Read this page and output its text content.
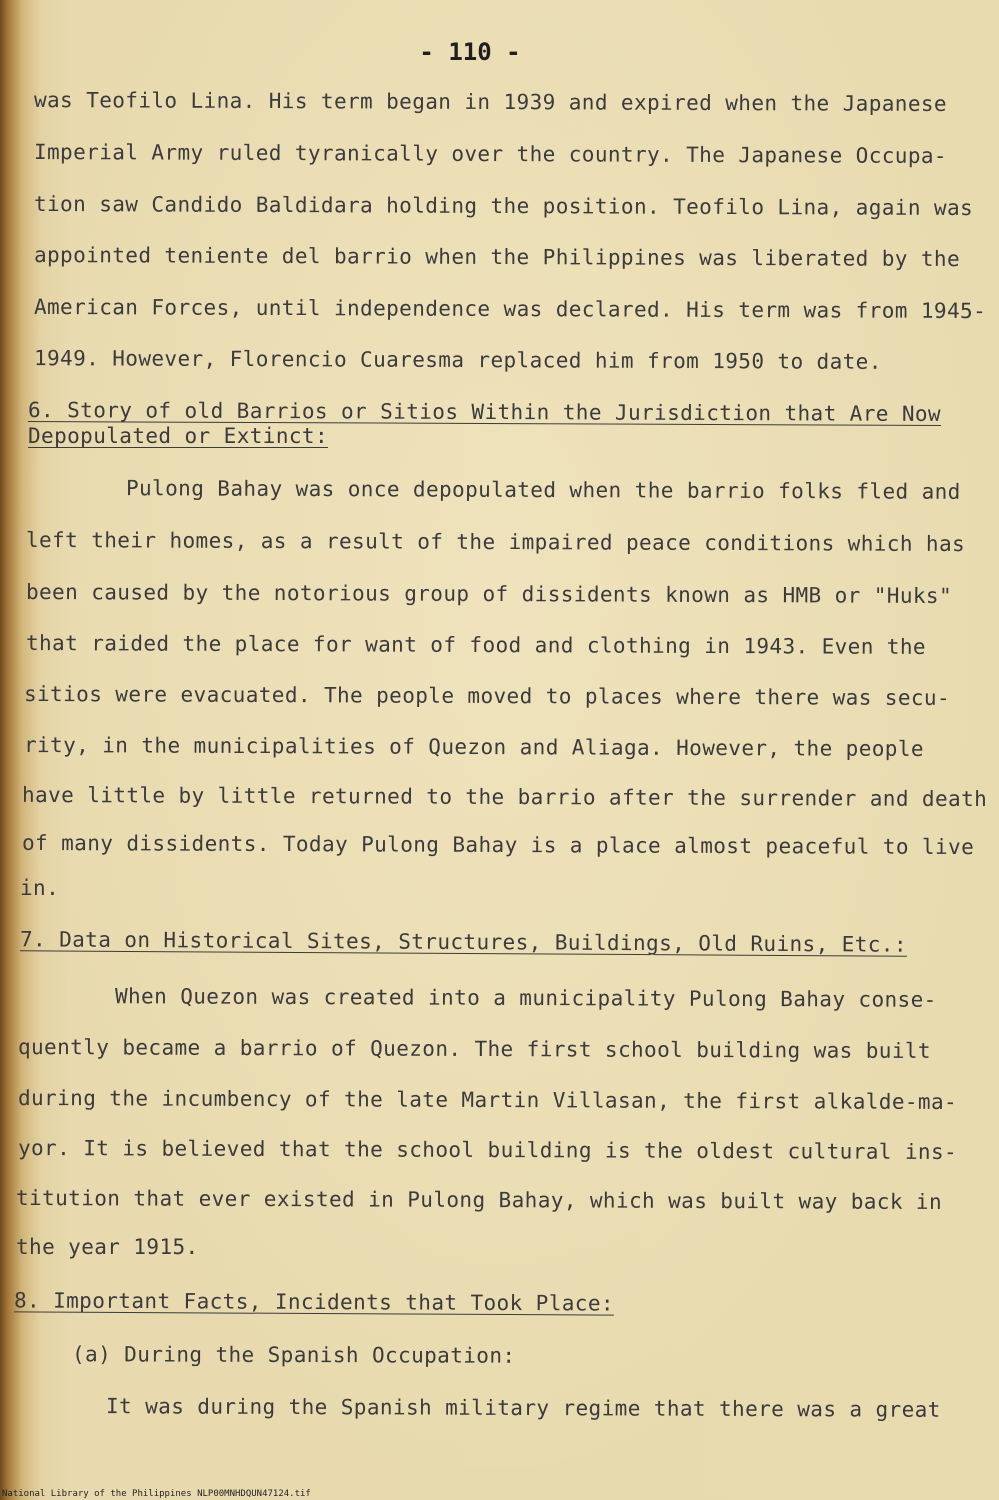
- 110 -
was Teofilo Lina. His term began in 1939 and expired when the Japanese
Imperial Army ruled tyranically over the country. The Japanese Occupa-
tion saw Candido Baldidara holding the position. Teofilo Lina, again was
appointed teniente del barrio when the Philippines was liberated by the
American Forces, until independence was declared. His term was from 1945-
1949. However, Florencio Cuaresma replaced him from 1950 to date.
6. Story of old Barrios or Sitios Within the Jurisdiction that Are Now
Depopulated or Extinct:
Pulong Bahay was once depopulated when the barrio folks fled and
left their homes, as a result of the impaired peace conditions which has
been caused by the notorious group of dissidents known as HMB or "Huks"
that raided the place for want of food and clothing in 1943. Even the
sitios were evacuated. The people moved to places where there was secu-
rity, in the municipalities of Quezon and Aliaga. However, the people
have little by little returned to the barrio after the surrender and death
of many dissidents. Today Pulong Bahay is a place almost peaceful to live
in.
7. Data on Historical Sites, Structures, Buildings, Old Ruins, Etc.:
When Quezon was created into a municipality Pulong Bahay conse-
quently became a barrio of Quezon. The first school building was built
during the incumbency of the late Martin Villasan, the first alkalde-ma-
yor. It is believed that the school building is the oldest cultural ins-
titution that ever existed in Pulong Bahay, which was built way back in
the year 1915.
8. Important Facts, Incidents that Took Place:
(a) During the Spanish Occupation:
It was during the Spanish military regime that there was a great
National Library of the Philippines NLP00MNHDQUN47124.tif
